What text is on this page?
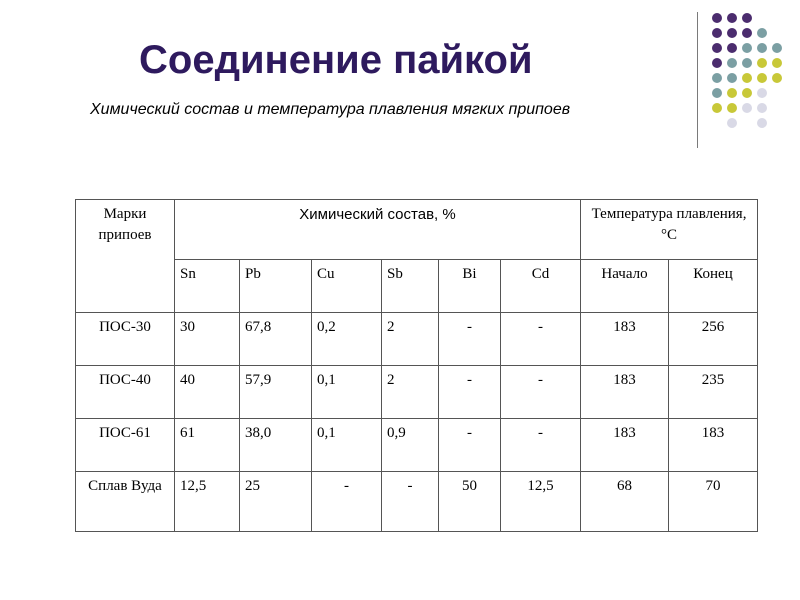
Соединение пайкой
Химический состав и температура плавления мягких припоев
Марки припоев	Химический состав, %						Температура плавления, °C	
	Sn	Pb	Cu	Sb	Bi	Cd	Начало	Конец
ПОС-30	30	67,8	0,2	2	-	-	183	256
ПОС-40	40	57,9	0,1	2	-	-	183	235
ПОС-61	61	38,0	0,1	0,9	-	-	183	183
Сплав Вуда	12,5	25	-	-	50	12,5	68	70
